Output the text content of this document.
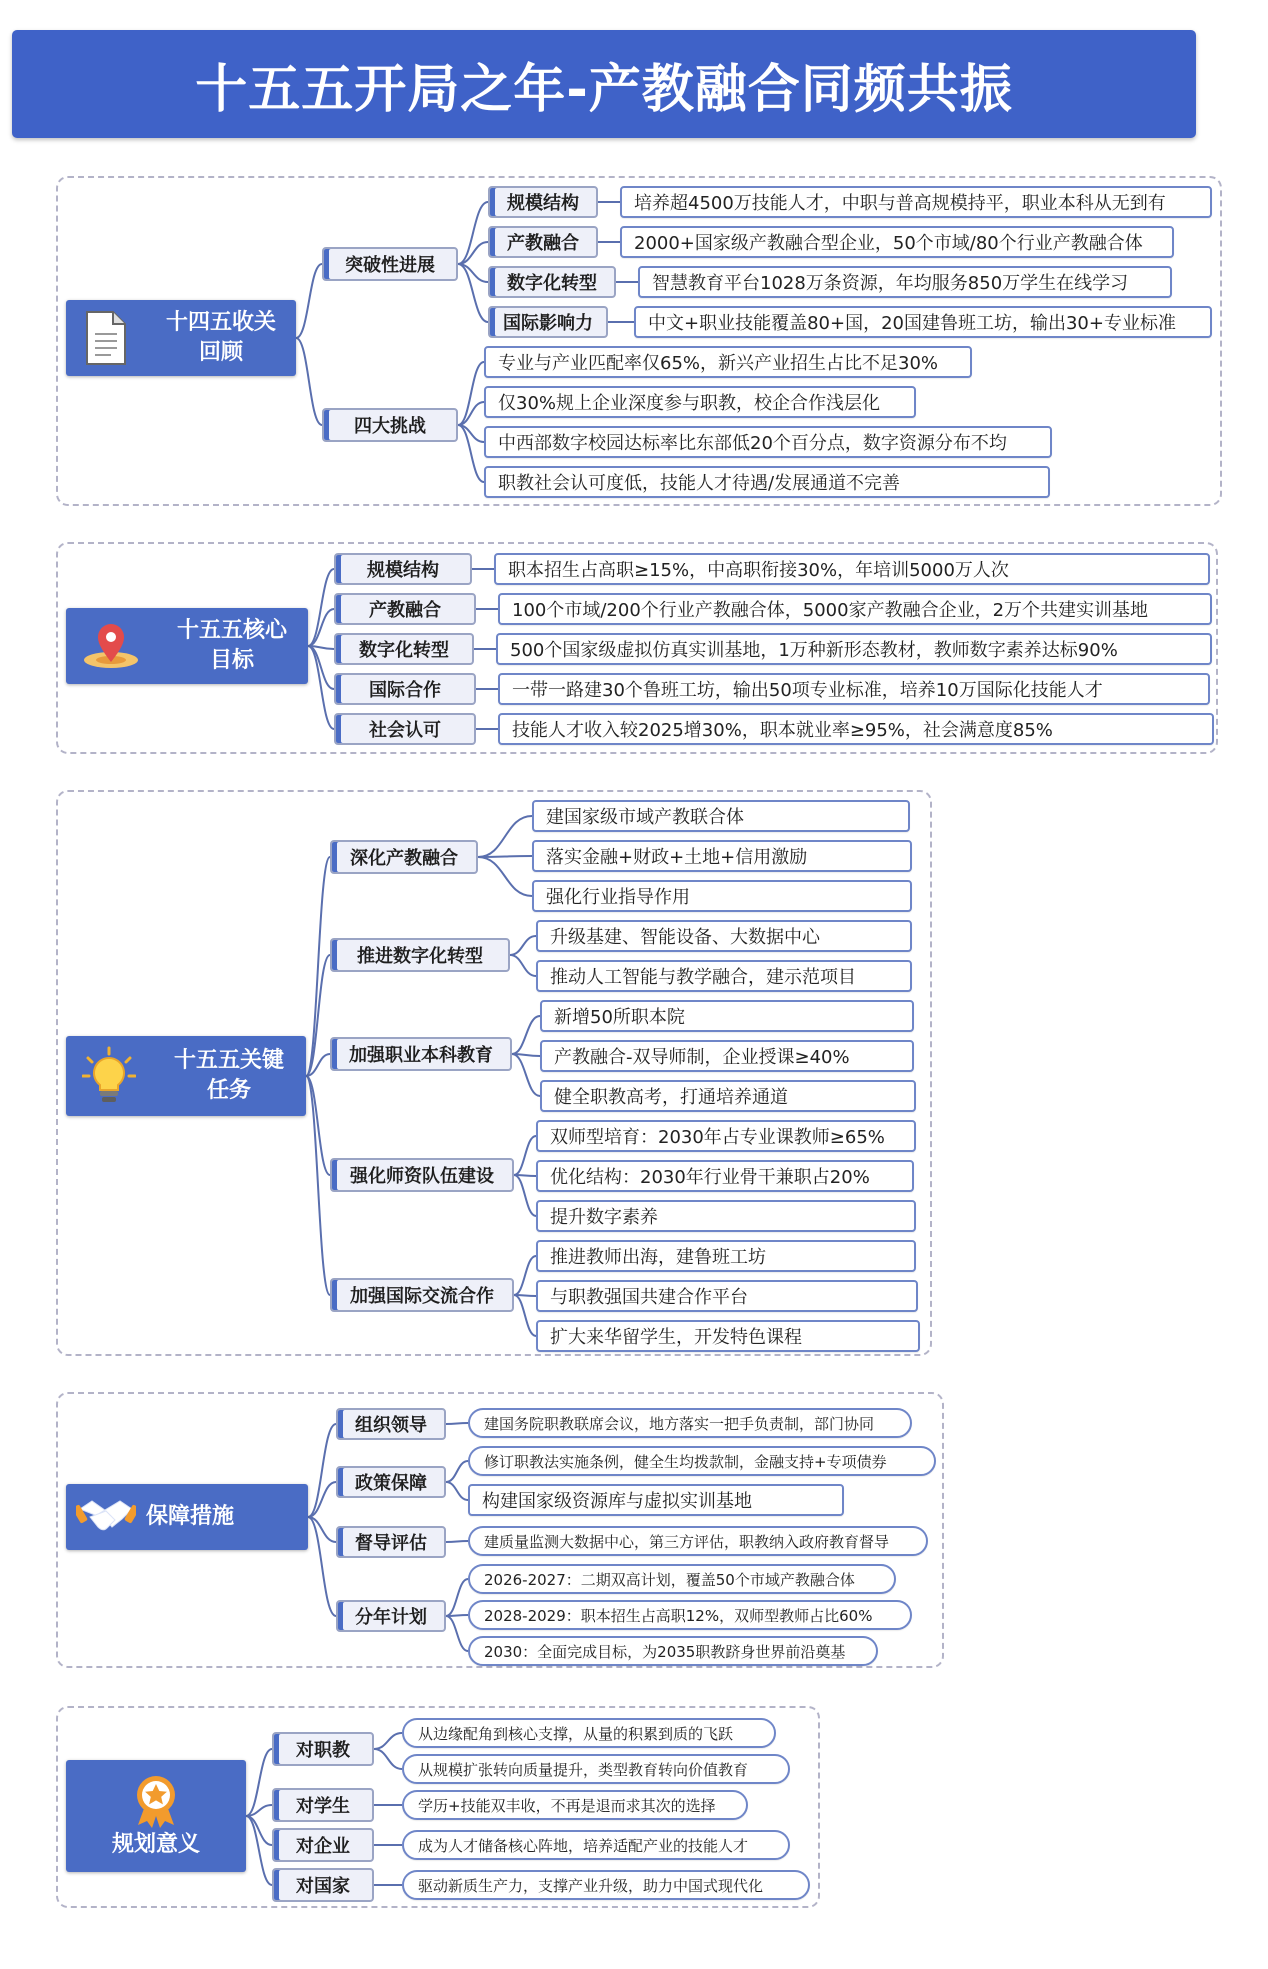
十五五开局之年-产教融合同频共振
十四五收关
回顾
十五五核心
目标
十五五关键
任务
保障措施
规划意义
突破性进展
四大挑战
规模结构	培养超4500万技能人才，中职与普高规模持平，职业本科从无到有
产教融合	2000+国家级产教融合型企业，50个市域/80个行业产教融合体
数字化转型	智慧教育平台1028万条资源，年均服务850万学生在线学习
国际影响力	中文+职业技能覆盖80+国，20国建鲁班工坊，输出30+专业标准
专业与产业匹配率仅65%，新兴产业招生占比不足30%
仅30%规上企业深度参与职教，校企合作浅层化
中西部数字校园达标率比东部低20个百分点，数字资源分布不均
职教社会认可度低，技能人才待遇/发展通道不完善
规模结构	职本招生占高职≥15%，中高职衔接30%，年培训5000万人次
产教融合	100个市域/200个行业产教融合体，5000家产教融合企业，2万个共建实训基地
数字化转型	500个国家级虚拟仿真实训基地，1万种新形态教材，教师数字素养达标90%
国际合作	一带一路建30个鲁班工坊，输出50项专业标准，培养10万国际化技能人才
社会认可	技能人才收入较2025增30%，职本就业率≥95%，社会满意度85%
深化产教融合
建国家级市域产教联合体
落实金融+财政+土地+信用激励
强化行业指导作用
推进数字化转型
升级基建、智能设备、大数据中心
推动人工智能与教学融合，建示范项目
加强职业本科教育
新增50所职本院
产教融合-双导师制，企业授课≥40%
健全职教高考，打通培养通道
强化师资队伍建设
双师型培育：2030年占专业课教师≥65%
优化结构：2030年行业骨干兼职占20%
提升数字素养
加强国际交流合作
推进教师出海，建鲁班工坊
与职教强国共建合作平台
扩大来华留学生，开发特色课程
组织领导	建国务院职教联席会议，地方落实一把手负责制，部门协同
政策保障
修订职教法实施条例，健全生均拨款制，金融支持+专项债券
构建国家级资源库与虚拟实训基地
督导评估	建质量监测大数据中心，第三方评估，职教纳入政府教育督导
分年计划
2026-2027：二期双高计划，覆盖50个市域产教融合体
2028-2029：职本招生占高职12%，双师型教师占比60%
2030：全面完成目标，为2035职教跻身世界前沿奠基
对职教
从边缘配角到核心支撑，从量的积累到质的飞跃
从规模扩张转向质量提升，类型教育转向价值教育
对学生	学历+技能双丰收，不再是退而求其次的选择
对企业	成为人才储备核心阵地，培养适配产业的技能人才
对国家	驱动新质生产力，支撑产业升级，助力中国式现代化
